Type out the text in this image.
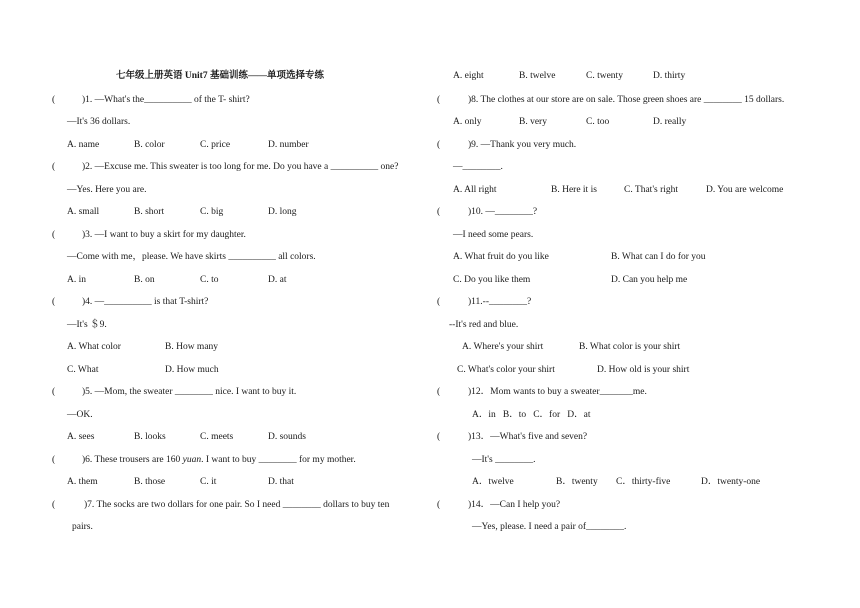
七年级上册英语 Unit7 基础训练——单项选择专练
(	)1. —What's the__________ of the T- shirt?
—It's 36 dollars.
A. name	B. color	C. price	D. number
(	)2. —Excuse me. This sweater is too long for me. Do you have a __________ one?
—Yes. Here you are.
A. small	B. short	C. big	D. long
(	)3. —I want to buy a skirt for my daughter.
—Come with me，please. We have skirts __________ all colors.
A. in	B. on	C. to	D. at
(	)4. —__________ is that T-shirt?
—It's ＄9.
A. What color	B. How many
C. What	D. How much
(	)5. —Mom, the sweater ________ nice. I want to buy it.
—OK.
A. sees	B. looks	C. meets	D. sounds
(	)6. These trousers are 160 yuan. I want to buy ________ for my mother.
A. them	B. those	C. it	D. that
(	)7. The socks are two dollars for one pair. So I need ________ dollars to buy ten
pairs.
A. eight	B. twelve	C. twenty	D. thirty
(	)8. The clothes at our store are on sale. Those green shoes are ________ 15 dollars.
A. only	B. very	C. too	D. really
(	)9. —Thank you very much.
—________.
A. All right	B. Here it is	C. That's right	D. You are welcome
(	)10. —________?
—I need some pears.
A. What fruit do you like	B. What can I do for you
C. Do you like them	D. Can you help me
(	)11.--________?
--It's red and blue.
A. Where's your shirt	B. What color is your shirt
C. What's color your shirt	D. How old is your shirt
(	)12．Mom wants to buy a sweater_______me.
A．in   B．to   C．for   D．at
(	)13．—What's five and seven?
—It's ________.
A．twelve	B．twenty C．thirty-five	D．twenty-one
(	)14．—Can I help you?
—Yes, please. I need a pair of________.
